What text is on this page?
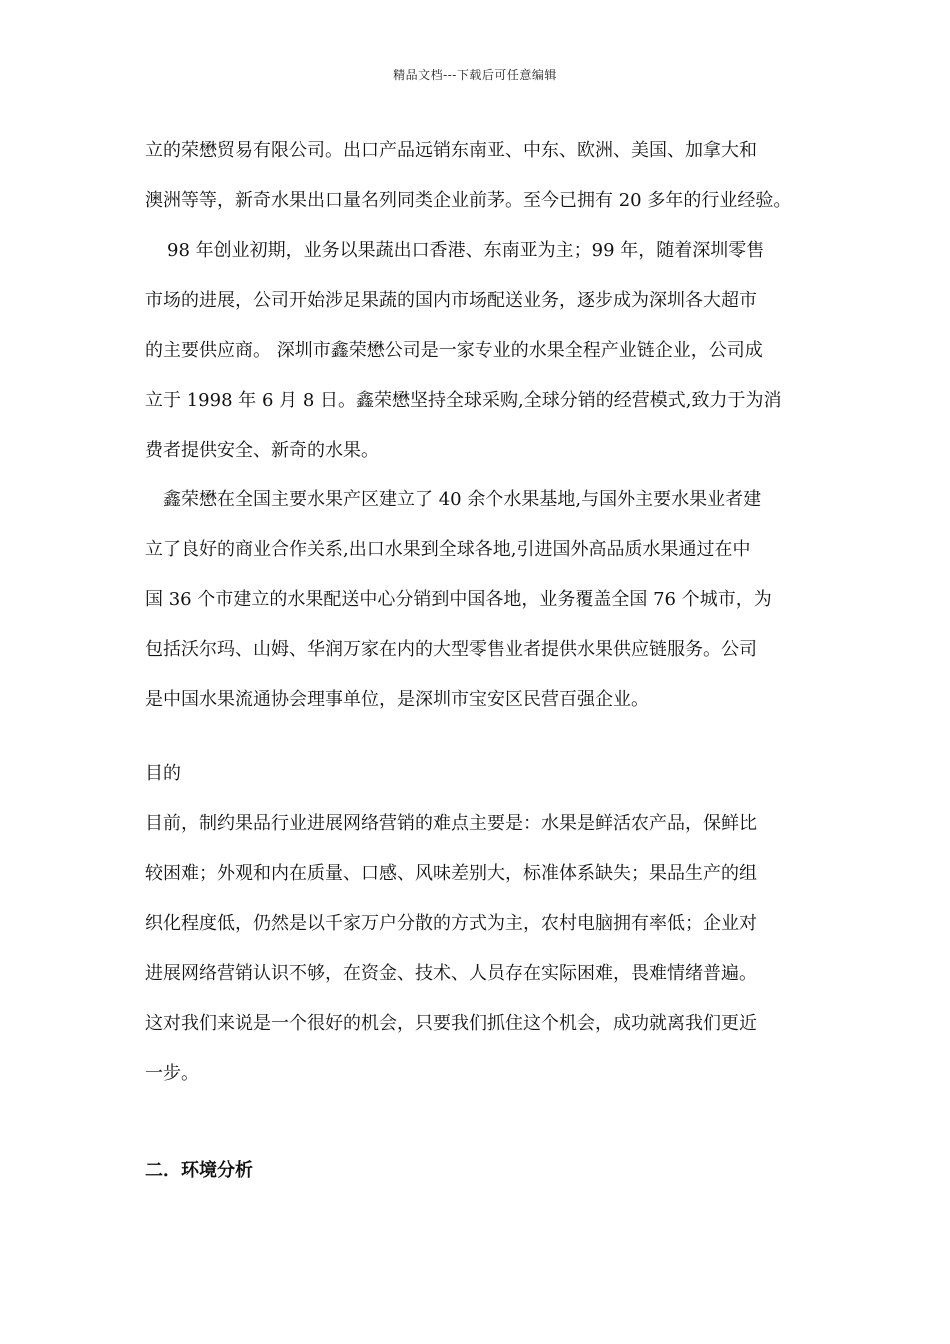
精品文档---下载后可任意编辑
立的荣懋贸易有限公司。出口产品远销东南亚、中东、欧洲、美国、加拿大和
澳洲等等，新奇水果出口量名列同类企业前茅。至今已拥有 20 多年的行业经验。
98 年创业初期，业务以果蔬出口香港、东南亚为主；99 年，随着深圳零售
市场的进展，公司开始涉足果蔬的国内市场配送业务，逐步成为深圳各大超市
的主要供应商。 深圳市鑫荣懋公司是一家专业的水果全程产业链企业，公司成
立于 1998 年 6 月 8 日。鑫荣懋坚持全球采购,全球分销的经营模式,致力于为消
费者提供安全、新奇的水果。
鑫荣懋在全国主要水果产区建立了 40 余个水果基地,与国外主要水果业者建
立了良好的商业合作关系,出口水果到全球各地,引进国外高品质水果通过在中
国 36 个市建立的水果配送中心分销到中国各地，业务覆盖全国 76 个城市，为
包括沃尔玛、山姆、华润万家在内的大型零售业者提供水果供应链服务。公司
是中国水果流通协会理事单位，是深圳市宝安区民营百强企业。
目的
目前，制约果品行业进展网络营销的难点主要是：水果是鲜活农产品，保鲜比
较困难；外观和内在质量、口感、风味差别大，标准体系缺失；果品生产的组
织化程度低，仍然是以千家万户分散的方式为主，农村电脑拥有率低；企业对
进展网络营销认识不够，在资金、技术、人员存在实际困难，畏难情绪普遍。
这对我们来说是一个很好的机会，只要我们抓住这个机会，成功就离我们更近
一步。
二．环境分析
